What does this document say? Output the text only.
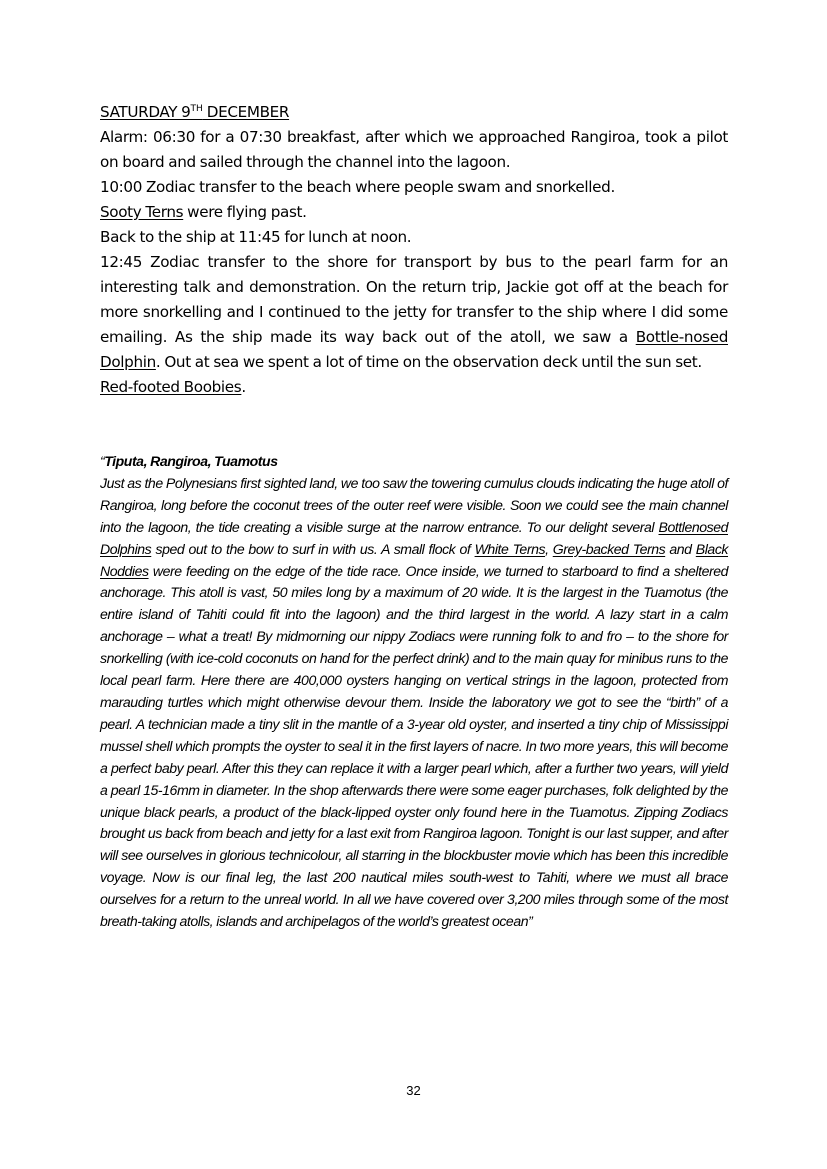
SATURDAY 9TH DECEMBER

Alarm: 06:30 for a 07:30 breakfast, after which we approached Rangiroa, took a pilot on board and sailed through the channel into the lagoon.

10:00 Zodiac transfer to the beach where people swam and snorkelled.

Sooty Terns were flying past.

Back to the ship at 11:45 for lunch at noon.

12:45 Zodiac transfer to the shore for transport by bus to the pearl farm for an interesting talk and demonstration. On the return trip, Jackie got off at the beach for more snorkelling and I continued to the jetty for transfer to the ship where I did some emailing. As the ship made its way back out of the atoll, we saw a Bottle-nosed Dolphin. Out at sea we spent a lot of time on the observation deck until the sun set.

Red-footed Boobies.

“Tiputa, Rangiroa, Tuamotus

Just as the Polynesians first sighted land, we too saw the towering cumulus clouds indicating the huge atoll of Rangiroa, long before the coconut trees of the outer reef were visible. Soon we could see the main channel into the lagoon, the tide creating a visible surge at the narrow entrance. To our delight several Bottlenosed Dolphins sped out to the bow to surf in with us. A small flock of White Terns, Grey-backed Terns and Black Noddies were feeding on the edge of the tide race. Once inside, we turned to starboard to find a sheltered anchorage. This atoll is vast, 50 miles long by a maximum of 20 wide. It is the largest in the Tuamotus (the entire island of Tahiti could fit into the lagoon) and the third largest in the world. A lazy start in a calm anchorage – what a treat! By midmorning our nippy Zodiacs were running folk to and fro – to the shore for snorkelling (with ice-cold coconuts on hand for the perfect drink) and to the main quay for minibus runs to the local pearl farm. Here there are 400,000 oysters hanging on vertical strings in the lagoon, protected from marauding turtles which might otherwise devour them. Inside the laboratory we got to see the “birth” of a pearl. A technician made a tiny slit in the mantle of a 3-year old oyster, and inserted a tiny chip of Mississippi mussel shell which prompts the oyster to seal it in the first layers of nacre. In two more years, this will become a perfect baby pearl. After this they can replace it with a larger pearl which, after a further two years, will yield a pearl 15-16mm in diameter. In the shop afterwards there were some eager purchases, folk delighted by the unique black pearls, a product of the black-lipped oyster only found here in the Tuamotus. Zipping Zodiacs brought us back from beach and jetty for a last exit from Rangiroa lagoon. Tonight is our last supper, and after will see ourselves in glorious technicolour, all starring in the blockbuster movie which has been this incredible voyage. Now is our final leg, the last 200 nautical miles south-west to Tahiti, where we must all brace ourselves for a return to the unreal world. In all we have covered over 3,200 miles through some of the most breath-taking atolls, islands and archipelagos of the world’s greatest ocean”

32
